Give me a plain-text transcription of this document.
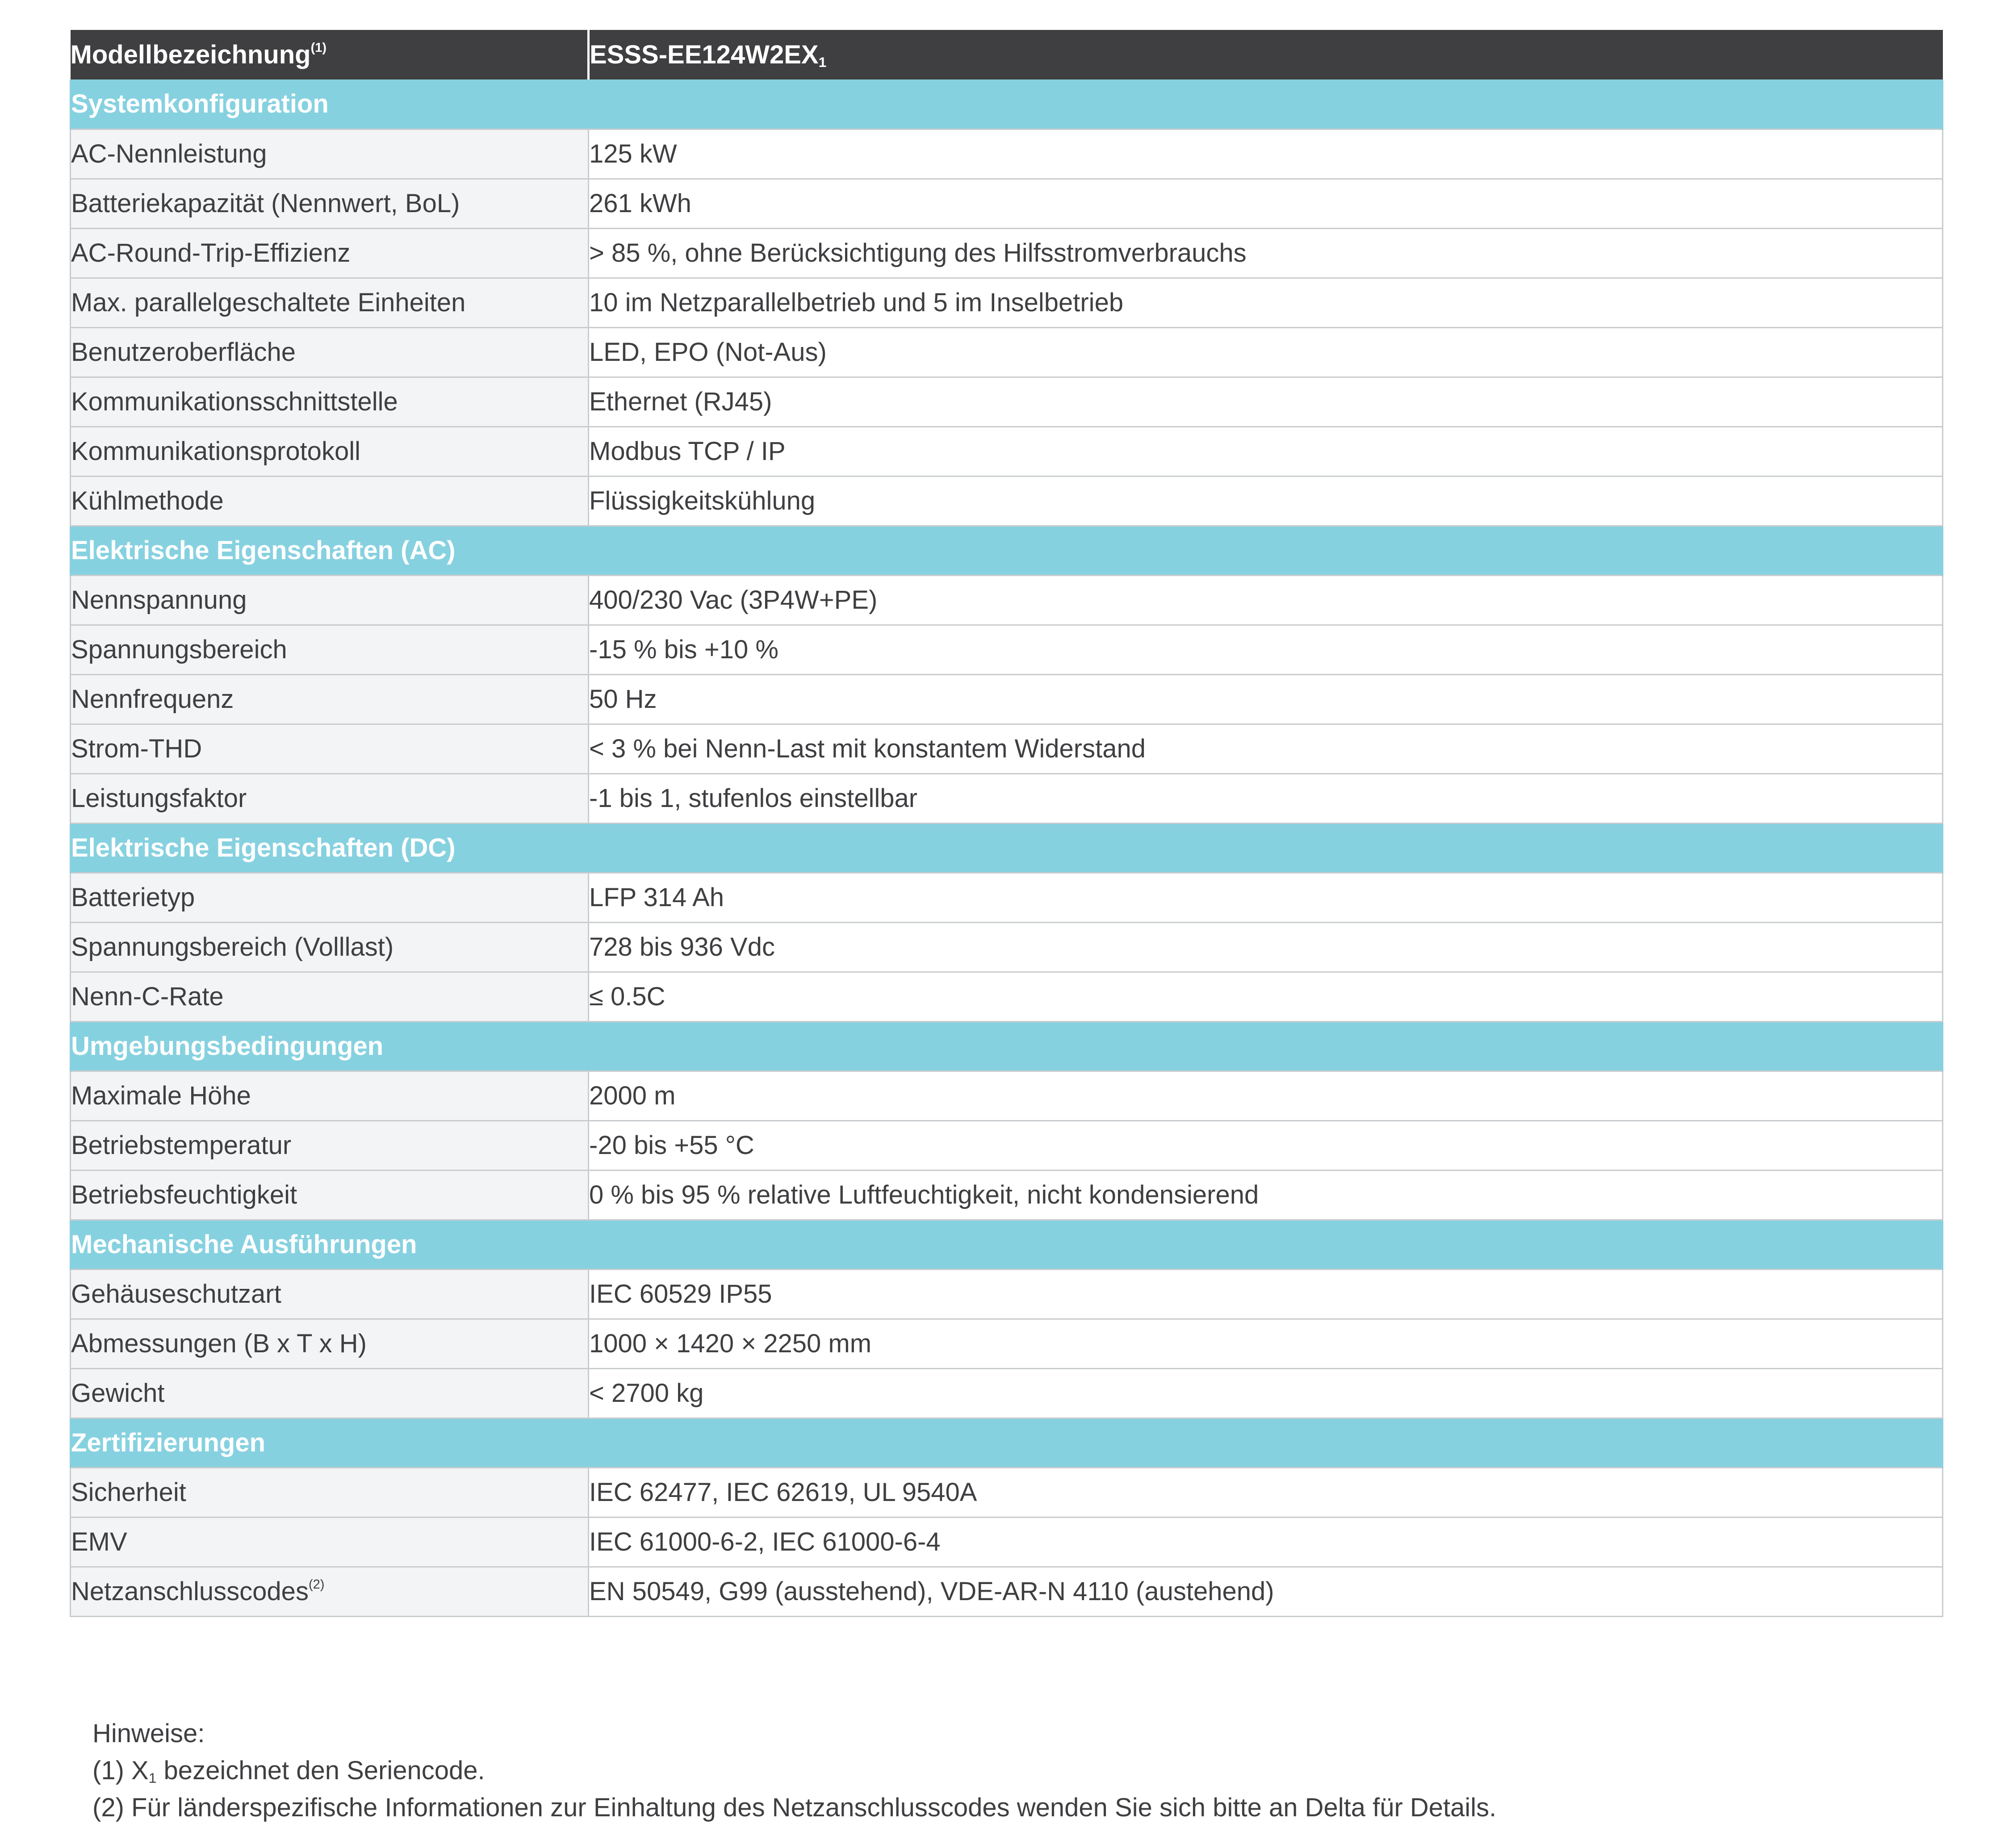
Modellbezeichnung$^{(1)}$	ESSS-$EE124W2EX_1$
Systemkonfiguration	
AC-Nennleistung	125 kW
Batteriekapazität (Nennwert, BoL)	261 kWh
AC-Round-Trip-Effizienz	> 85 %, ohne Berücksichtigung des Hilfsstromverbrauchs
Max. parallelgeschaltete Einheiten	10 im Netzparallelbetrieb und 5 im Inselbetrieb
Benutzeroberfläche	LED, EPO (Not-Aus)
Kommunikationsschnittstelle	Ethernet (RJ45)
Kommunikationsprotokoll	Modbus TCP / IP
Kühlmethode	Flüssigkeitskühlung
Elektrische Eigenschaften (AC)	
Nennspannung	400/230 Vac (3P4W+PE)
Spannungsbereich	-15 % bis +10 %
Nennfrequenz	50 Hz
Strom-THD	< 3 % bei Nenn-Last mit konstantem Widerstand
Leistungsfaktor	-1 bis 1, stufenlos einstellbar
Elektrische Eigenschaften (DC)	
Batterietyp	LFP 314 Ah
Spannungsbereich (Volllast)	728 bis 936 Vdc
Nenn-C-Rate	≤ 0.5C
Umgebungsbedingungen	
Maximale Höhe	2000 m
Betriebstemperatur	-20 bis +55 °C
Betriebsfeuchtigkeit	0 % bis 95 % relative Luftfeuchtigkeit, nicht kondensierend
Mechanische Ausführungen	
Gehäuseschutzart	IEC 60529 IP55
Abmessungen (B x T x H)	1000 × 1420 × 2250 mm
Gewicht	< 2700 kg
Zertifizierungen	
Sicherheit	IEC 62477, IEC 62619, UL 9540A
EMV	IEC 61000-6-2, IEC 61000-6-4
Netzanschlusscodes$^{(2)}$	EN 50549, G99 (ausstehend), VDE-AR-N 4110 (austehend)
Hinweise:
(1) $X_1$ bezeichnet den Seriencode.
(2) Für länderspezifische Informationen zur Einhaltung des Netzanschlusscodes wenden Sie sich bitte an Delta für Details.
